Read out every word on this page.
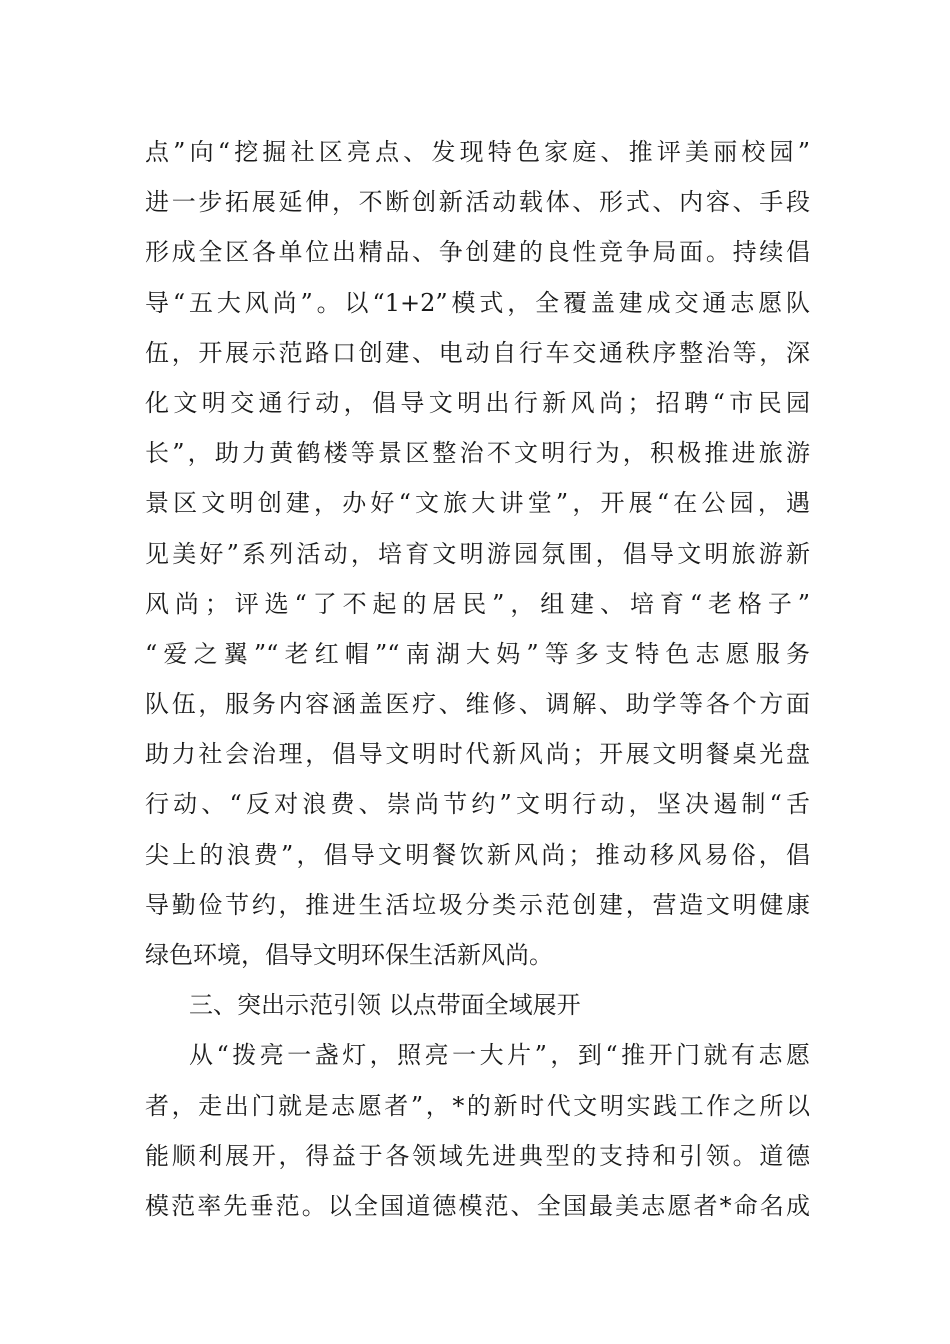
点”向“挖掘社区亮点、发现特色家庭、推评美丽校园”
进一步拓展延伸，不断创新活动载体、形式、内容、手段
形成全区各单位出精品、争创建的良性竞争局面。持续倡
导“五大风尚”。以“1+2”模式，全覆盖建成交通志愿队
伍，开展示范路口创建、电动自行车交通秩序整治等，深
化文明交通行动，倡导文明出行新风尚；招聘“市民园
长”，助力黄鹤楼等景区整治不文明行为，积极推进旅游
景区文明创建，办好“文旅大讲堂”，开展“在公园，遇
见美好”系列活动，培育文明游园氛围，倡导文明旅游新
风尚；评选“了不起的居民”，组建、培育“老格子”
“爱之翼”“老红帽”“南湖大妈”等多支特色志愿服务
队伍，服务内容涵盖医疗、维修、调解、助学等各个方面
助力社会治理，倡导文明时代新风尚；开展文明餐桌光盘
行动、“反对浪费、崇尚节约”文明行动，坚决遏制“舌
尖上的浪费”，倡导文明餐饮新风尚；推动移风易俗，倡
导勤俭节约，推进生活垃圾分类示范创建，营造文明健康
绿色环境，倡导文明环保生活新风尚。
三、突出示范引领 以点带面全域展开
从“拨亮一盏灯，照亮一大片”，到“推开门就有志愿
者，走出门就是志愿者”，*的新时代文明实践工作之所以
能顺利展开，得益于各领域先进典型的支持和引领。道德
模范率先垂范。以全国道德模范、全国最美志愿者*命名成
